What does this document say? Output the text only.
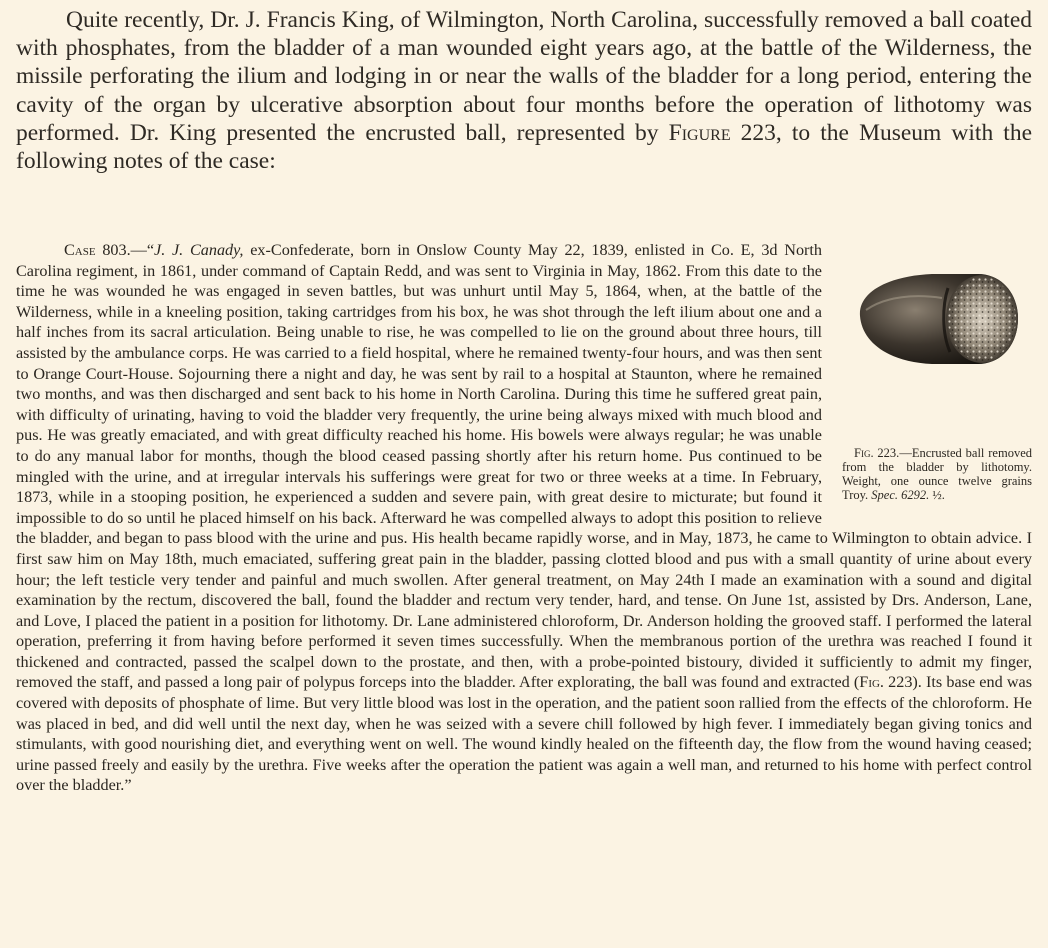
Quite recently, Dr. J. Francis King, of Wilmington, North Carolina, successfully removed a ball coated with phosphates, from the bladder of a man wounded eight years ago, at the battle of the Wilderness, the missile perforating the ilium and lodging in or near the walls of the bladder for a long period, entering the cavity of the organ by ulcerative absorption about four months before the operation of lithotomy was performed. Dr. King presented the encrusted ball, represented by Figure 223, to the Museum with the following notes of the case:

Fig. 223.—Encrusted ball removed from the bladder by lithotomy. Weight, one ounce twelve grains Troy. Spec. 6292. ½.
Case 803.—“J. J. Canady, ex-Confederate, born in Onslow County May 22, 1839, enlisted in Co. E, 3d North Carolina regiment, in 1861, under command of Captain Redd, and was sent to Virginia in May, 1862. From this date to the time he was wounded he was engaged in seven battles, but was unhurt until May 5, 1864, when, at the battle of the Wilderness, while in a kneeling position, taking cartridges from his box, he was shot through the left ilium about one and a half inches from its sacral articulation. Being unable to rise, he was compelled to lie on the ground about three hours, till assisted by the ambulance corps. He was carried to a field hospital, where he remained twenty-four hours, and was then sent to Orange Court-House. Sojourning there a night and day, he was sent by rail to a hospital at Staunton, where he remained two months, and was then discharged and sent back to his home in North Carolina. During this time he suffered great pain, with difficulty of urinating, having to void the bladder very frequently, the urine being always mixed with much blood and pus. He was greatly emaciated, and with great difficulty reached his home. His bowels were always regular; he was unable to do any manual labor for months, though the blood ceased passing shortly after his return home. Pus continued to be mingled with the urine, and at irregular intervals his sufferings were great for two or three weeks at a time. In February, 1873, while in a stooping position, he experienced a sudden and severe pain, with great desire to micturate; but found it impossible to do so until he placed himself on his back. Afterward he was compelled always to adopt this position to relieve the bladder, and began to pass blood with the urine and pus. His health became rapidly worse, and in May, 1873, he came to Wilmington to obtain advice. I first saw him on May 18th, much emaciated, suffering great pain in the bladder, passing clotted blood and pus with a small quantity of urine about every hour; the left testicle very tender and painful and much swollen. After general treatment, on May 24th I made an examination with a sound and digital examination by the rectum, discovered the ball, found the bladder and rectum very tender, hard, and tense. On June 1st, assisted by Drs. Anderson, Lane, and Love, I placed the patient in a position for lithotomy. Dr. Lane administered chloroform, Dr. Anderson holding the grooved staff. I performed the lateral operation, preferring it from having before performed it seven times successfully. When the membranous portion of the urethra was reached I found it thickened and contracted, passed the scalpel down to the prostate, and then, with a probe-pointed bistoury, divided it sufficiently to admit my finger, removed the staff, and passed a long pair of polypus forceps into the bladder. After explorating, the ball was found and extracted (Fig. 223). Its base end was covered with deposits of phosphate of lime. But very little blood was lost in the operation, and the patient soon rallied from the effects of the chloroform. He was placed in bed, and did well until the next day, when he was seized with a severe chill followed by high fever. I immediately began giving tonics and stimulants, with good nourishing diet, and everything went on well. The wound kindly healed on the fifteenth day, the flow from the wound having ceased; urine passed freely and easily by the urethra. Five weeks after the operation the patient was again a well man, and returned to his home with perfect control over the bladder.”
